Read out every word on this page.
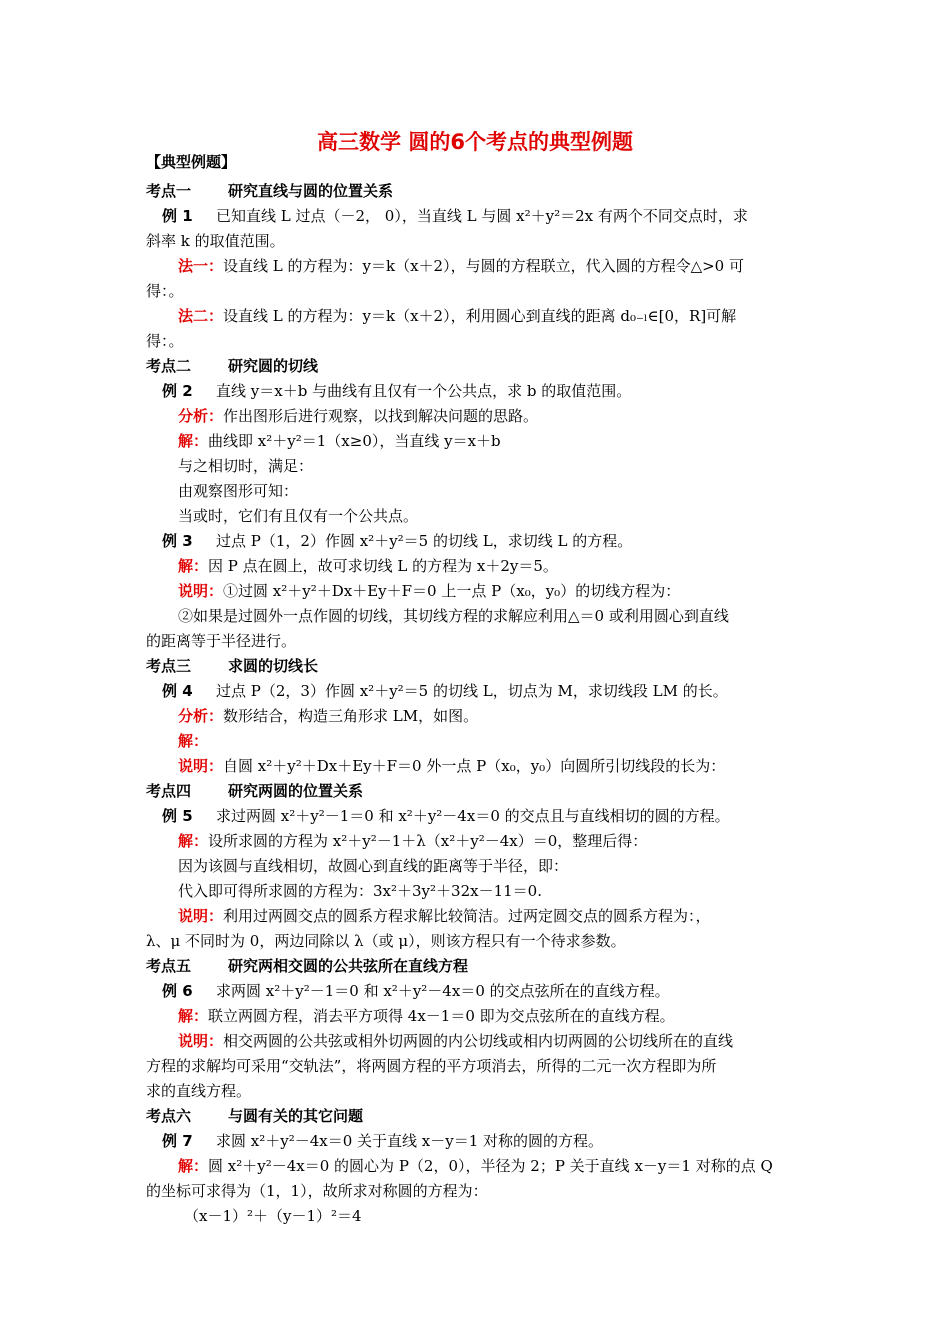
高三数学 圆的6个考点的典型例题
【典型例题】
考点一 研究直线与圆的位置关系
例 1 已知直线 L 过点（－2， 0），当直线 L 与圆 x²＋y²＝2x 有两个不同交点时，求
斜率 k 的取值范围。
法一：设直线 L 的方程为：y＝k（x＋2），与圆的方程联立，代入圆的方程令△>0 可
得：。
法二：设直线 L 的方程为：y＝k（x＋2），利用圆心到直线的距离 d₀₋ₗ∈[0，R]可解
得：。
考点二 研究圆的切线
例 2 直线 y＝x＋b 与曲线有且仅有一个公共点，求 b 的取值范围。
分析：作出图形后进行观察，以找到解决问题的思路。
解：曲线即 x²＋y²＝1（x≥0），当直线 y＝x＋b
与之相切时，满足：
由观察图形可知：
当或时，它们有且仅有一个公共点。
例 3 过点 P（1，2）作圆 x²＋y²＝5 的切线 L，求切线 L 的方程。
解：因 P 点在圆上，故可求切线 L 的方程为 x＋2y＝5。
说明：①过圆 x²＋y²＋Dx＋Ey＋F＝0 上一点 P（x₀，y₀）的切线方程为：
②如果是过圆外一点作圆的切线，其切线方程的求解应利用△＝0 或利用圆心到直线
的距离等于半径进行。
考点三 求圆的切线长
例 4 过点 P（2，3）作圆 x²＋y²＝5 的切线 L，切点为 M，求切线段 LM 的长。
分析：数形结合，构造三角形求 LM，如图。
解：
说明：自圆 x²＋y²＋Dx＋Ey＋F＝0 外一点 P（x₀，y₀）向圆所引切线段的长为：
考点四 研究两圆的位置关系
例 5 求过两圆 x²＋y²－1＝0 和 x²＋y²－4x＝0 的交点且与直线相切的圆的方程。
解：设所求圆的方程为 x²＋y²－1＋λ（x²＋y²－4x）＝0，整理后得：
因为该圆与直线相切，故圆心到直线的距离等于半径，即：
代入即可得所求圆的方程为：3x²＋3y²＋32x－11＝0.
说明：利用过两圆交点的圆系方程求解比较简洁。过两定圆交点的圆系方程为：，
λ、μ 不同时为 0，两边同除以 λ（或 μ），则该方程只有一个待求参数。
考点五 研究两相交圆的公共弦所在直线方程
例 6 求两圆 x²＋y²－1＝0 和 x²＋y²－4x＝0 的交点弦所在的直线方程。
解：联立两圆方程，消去平方项得 4x－1＝0 即为交点弦所在的直线方程。
说明：相交两圆的公共弦或相外切两圆的内公切线或相内切两圆的公切线所在的直线
方程的求解均可采用“交轨法”，将两圆方程的平方项消去，所得的二元一次方程即为所
求的直线方程。
考点六 与圆有关的其它问题
例 7 求圆 x²＋y²－4x＝0 关于直线 x－y＝1 对称的圆的方程。
解：圆 x²＋y²－4x＝0 的圆心为 P（2，0），半径为 2；P 关于直线 x－y＝1 对称的点 Q
的坐标可求得为（1，1），故所求对称圆的方程为：
（x－1）²＋（y－1）²＝4
